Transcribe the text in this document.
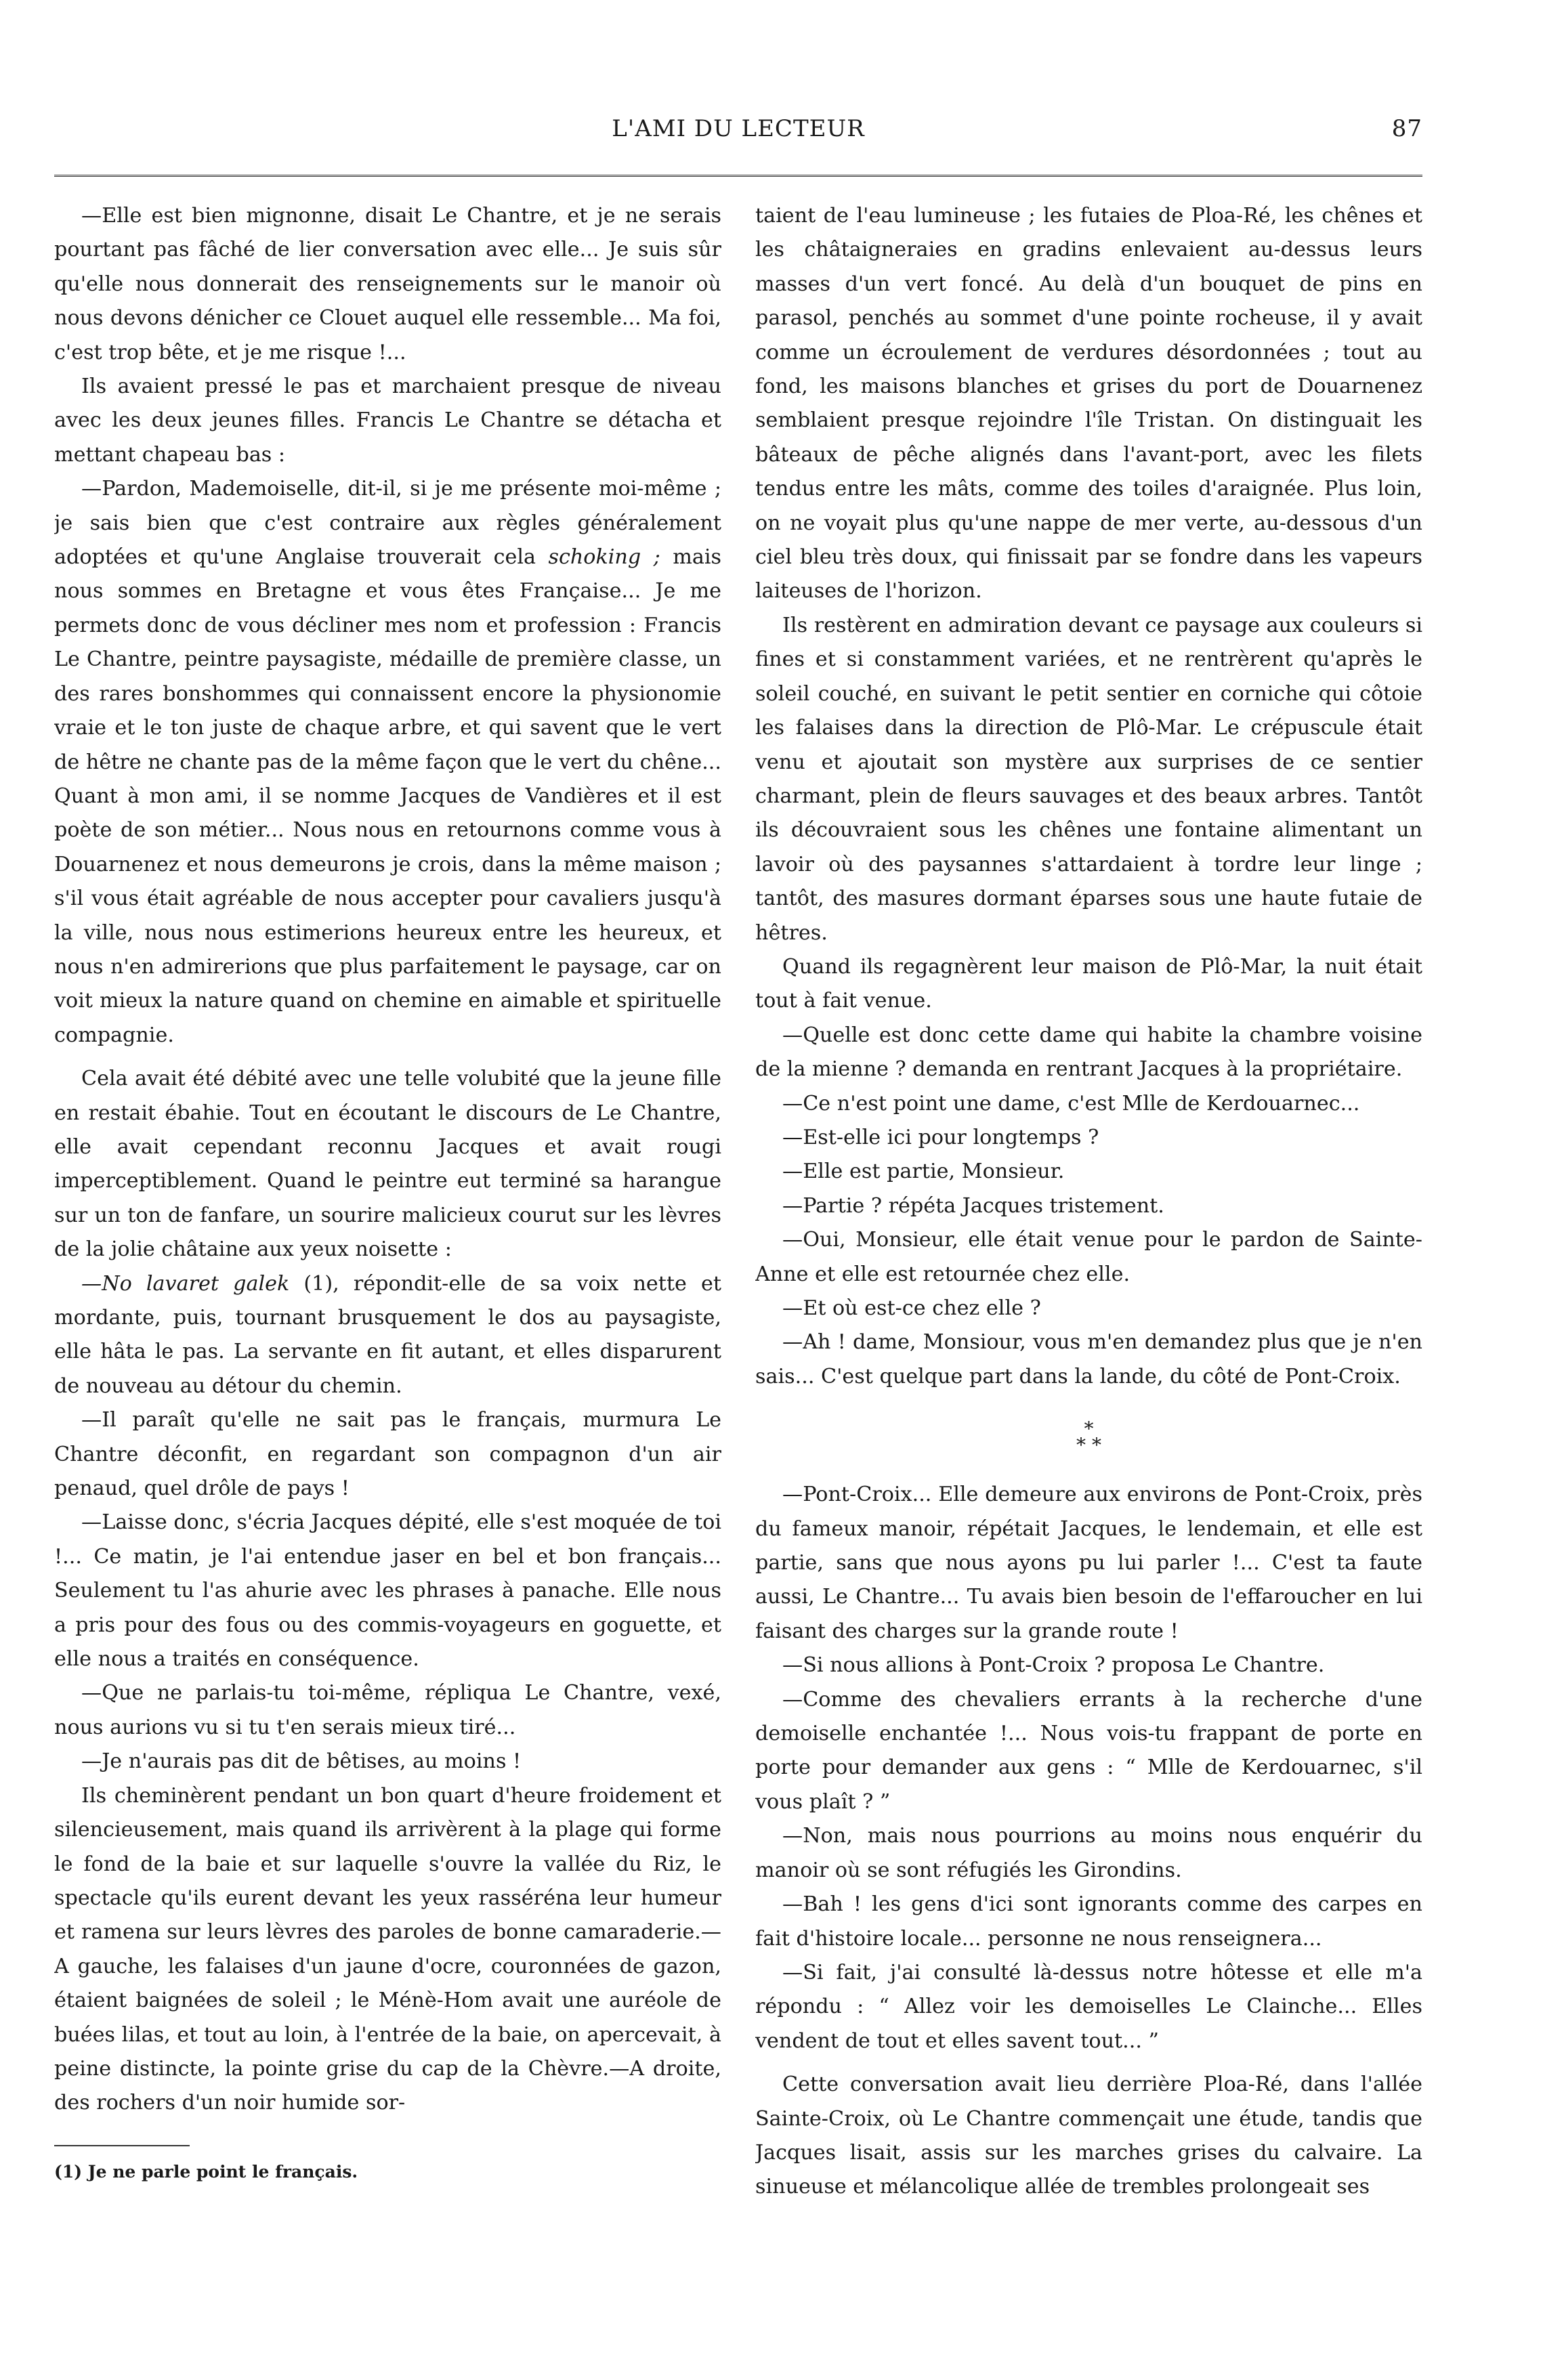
L'AMI DU LECTEUR	87

—Elle est bien mignonne, disait Le Chantre, et je ne serais pourtant pas fâché de lier conversation avec elle... Je suis sûr qu'elle nous donnerait des renseignements sur le manoir où nous devons dénicher ce Clouet auquel elle ressemble... Ma foi, c'est trop bête, et je me risque !...

Ils avaient pressé le pas et marchaient presque de niveau avec les deux jeunes filles. Francis Le Chantre se détacha et mettant chapeau bas :

—Pardon, Mademoiselle, dit-il, si je me présente moi-même ; je sais bien que c'est contraire aux règles généralement adoptées et qu'une Anglaise trouverait cela schoking ; mais nous sommes en Bretagne et vous êtes Française... Je me permets donc de vous décliner mes nom et profession : Francis Le Chantre, peintre paysagiste, médaille de première classe, un des rares bonshommes qui connaissent encore la physionomie vraie et le ton juste de chaque arbre, et qui savent que le vert de hêtre ne chante pas de la même façon que le vert du chêne... Quant à mon ami, il se nomme Jacques de Vandières et il est poète de son métier... Nous nous en retournons comme vous à Douarnenez et nous demeurons je crois, dans la même maison ; s'il vous était agréable de nous accepter pour cavaliers jusqu'à la ville, nous nous estimerions heureux entre les heureux, et nous n'en admirerions que plus parfaitement le paysage, car on voit mieux la nature quand on chemine en aimable et spirituelle compagnie.

Cela avait été débité avec une telle volubité que la jeune fille en restait ébahie. Tout en écoutant le discours de Le Chantre, elle avait cependant reconnu Jacques et avait rougi imperceptiblement. Quand le peintre eut terminé sa harangue sur un ton de fanfare, un sourire malicieux courut sur les lèvres de la jolie châtaine aux yeux noisette :

—No lavaret galek (1), répondit-elle de sa voix nette et mordante, puis, tournant brusquement le dos au paysagiste, elle hâta le pas. La servante en fit autant, et elles disparurent de nouveau au détour du chemin.

—Il paraît qu'elle ne sait pas le français, murmura Le Chantre déconfit, en regardant son compagnon d'un air penaud, quel drôle de pays !

—Laisse donc, s'écria Jacques dépité, elle s'est moquée de toi !... Ce matin, je l'ai entendue jaser en bel et bon français... Seulement tu l'as ahurie avec les phrases à panache. Elle nous a pris pour des fous ou des commis-voyageurs en goguette, et elle nous a traités en conséquence.

—Que ne parlais-tu toi-même, répliqua Le Chantre, vexé, nous aurions vu si tu t'en serais mieux tiré...

—Je n'aurais pas dit de bêtises, au moins !

Ils cheminèrent pendant un bon quart d'heure froidement et silencieusement, mais quand ils arrivèrent à la plage qui forme le fond de la baie et sur laquelle s'ouvre la vallée du Riz, le spectacle qu'ils eurent devant les yeux rasséréna leur humeur et ramena sur leurs lèvres des paroles de bonne camaraderie.—A gauche, les falaises d'un jaune d'ocre, couronnées de gazon, étaient baignées de soleil ; le Ménè-Hom avait une auréole de buées lilas, et tout au loin, à l'entrée de la baie, on apercevait, à peine distincte, la pointe grise du cap de la Chèvre.—A droite, des rochers d'un noir humide sor-

(1) Je ne parle point le français.

taient de l'eau lumineuse ; les futaies de Ploa-Ré, les chênes et les châtaigneraies en gradins enlevaient au-dessus leurs masses d'un vert foncé. Au delà d'un bouquet de pins en parasol, penchés au sommet d'une pointe rocheuse, il y avait comme un écroulement de verdures désordonnées ; tout au fond, les maisons blanches et grises du port de Douarnenez semblaient presque rejoindre l'île Tristan. On distinguait les bâteaux de pêche alignés dans l'avant-port, avec les filets tendus entre les mâts, comme des toiles d'araignée. Plus loin, on ne voyait plus qu'une nappe de mer verte, au-dessous d'un ciel bleu très doux, qui finissait par se fondre dans les vapeurs laiteuses de l'horizon.

Ils restèrent en admiration devant ce paysage aux couleurs si fines et si constamment variées, et ne rentrèrent qu'après le soleil couché, en suivant le petit sentier en corniche qui côtoie les falaises dans la direction de Plô-Mar. Le crépuscule était venu et ajoutait son mystère aux surprises de ce sentier charmant, plein de fleurs sauvages et des beaux arbres. Tantôt ils découvraient sous les chênes une fontaine alimentant un lavoir où des paysannes s'attardaient à tordre leur linge ; tantôt, des masures dormant éparses sous une haute futaie de hêtres.

Quand ils regagnèrent leur maison de Plô-Mar, la nuit était tout à fait venue.

—Quelle est donc cette dame qui habite la chambre voisine de la mienne ? demanda en rentrant Jacques à la propriétaire.

—Ce n'est point une dame, c'est Mlle de Kerdouarnec...

—Est-elle ici pour longtemps ?

—Elle est partie, Monsieur.

—Partie ? répéta Jacques tristement.

—Oui, Monsieur, elle était venue pour le pardon de Sainte-Anne et elle est retournée chez elle.

—Et où est-ce chez elle ?

—Ah ! dame, Monsiour, vous m'en demandez plus que je n'en sais... C'est quelque part dans la lande, du côté de Pont-Croix.

*
* *

—Pont-Croix... Elle demeure aux environs de Pont-Croix, près du fameux manoir, répétait Jacques, le lendemain, et elle est partie, sans que nous ayons pu lui parler !... C'est ta faute aussi, Le Chantre... Tu avais bien besoin de l'effaroucher en lui faisant des charges sur la grande route !

—Si nous allions à Pont-Croix ? proposa Le Chantre.

—Comme des chevaliers errants à la recherche d'une demoiselle enchantée !... Nous vois-tu frappant de porte en porte pour demander aux gens : “ Mlle de Kerdouarnec, s'il vous plaît ? ”

—Non, mais nous pourrions au moins nous enquérir du manoir où se sont réfugiés les Girondins.

—Bah ! les gens d'ici sont ignorants comme des carpes en fait d'histoire locale... personne ne nous renseignera...

—Si fait, j'ai consulté là-dessus notre hôtesse et elle m'a répondu : “ Allez voir les demoiselles Le Clainche... Elles vendent de tout et elles savent tout... ”

Cette conversation avait lieu derrière Ploa-Ré, dans l'allée Sainte-Croix, où Le Chantre commençait une étude, tandis que Jacques lisait, assis sur les marches grises du calvaire. La sinueuse et mélancolique allée de trembles prolongeait ses
